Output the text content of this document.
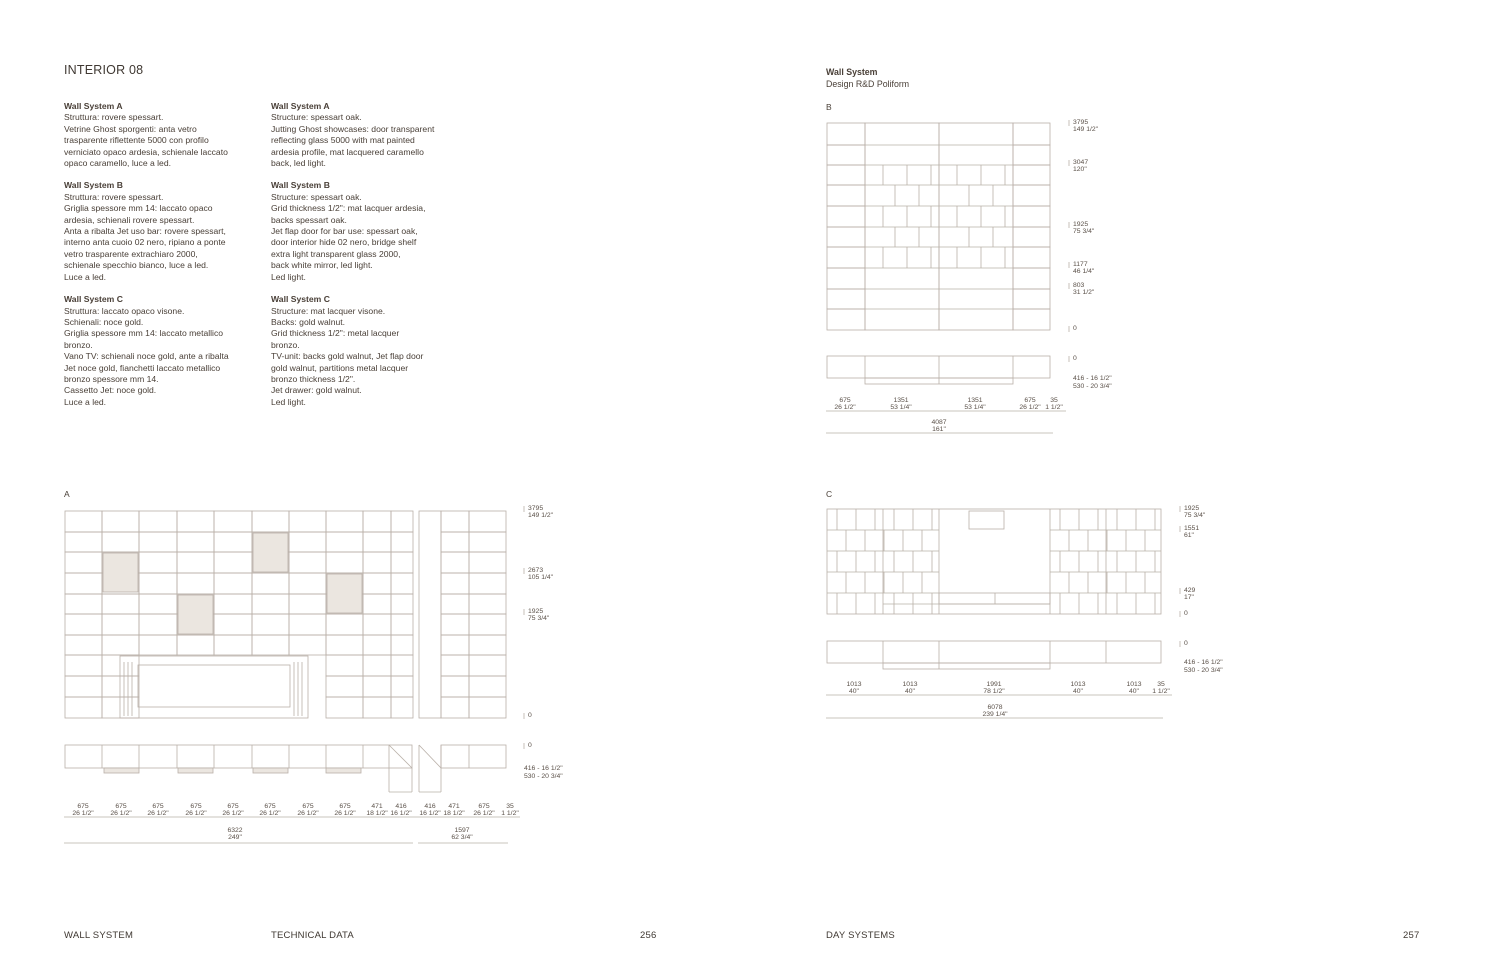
INTERIOR 08
Wall System A
Struttura: rovere spessart.
Vetrine Ghost sporgenti: anta vetro
trasparente riflettente 5000 con profilo
verniciato opaco ardesia, schienale laccato
opaco caramello, luce a led.
Wall System B
Struttura: rovere spessart.
Griglia spessore mm 14: laccato opaco
ardesia, schienali rovere spessart.
Anta a ribalta Jet uso bar: rovere spessart,
interno anta cuoio 02 nero, ripiano a ponte
vetro trasparente extrachiaro 2000,
schienale specchio bianco, luce a led.
Luce a led.
Wall System C
Struttura: laccato opaco visone.
Schienali: noce gold.
Griglia spessore mm 14: laccato metallico
bronzo.
Vano TV: schienali noce gold, ante a ribalta
Jet noce gold, fianchetti laccato metallico
bronzo spessore mm 14.
Cassetto Jet: noce gold.
Luce a led.
Wall System A
Structure: spessart oak.
Jutting Ghost showcases: door transparent
reflecting glass 5000 with mat painted
ardesia profile, mat lacquered caramello
back, led light.
Wall System B
Structure: spessart oak.
Grid thickness 1/2": mat lacquer ardesia,
backs spessart oak.
Jet flap door for bar use: spessart oak,
door interior hide 02 nero, bridge shelf
extra light transparent glass 2000,
back white mirror, led light.
Led light.
Wall System C
Structure: mat lacquer visone.
Backs: gold walnut.
Grid thickness 1/2": metal lacquer
bronzo.
TV-unit: backs gold walnut, Jet flap door
gold walnut, partitions metal lacquer
bronzo thickness 1/2".
Jet drawer: gold walnut.
Led light.
Wall System
Design R&D Poliform
A
B
C
3795
149 1/2"
2673
105 1/4"
1925
75 3/4"
0
0
416 - 16 1/2"
530 - 20 3/4"
675
26 1/2"
675
26 1/2"
675
26 1/2"
675
26 1/2"
675
26 1/2"
675
26 1/2"
675
26 1/2"
675
26 1/2"
471
18 1/2"
416
16 1/2"
416
16 1/2"
471
18 1/2"
675
26 1/2"
35
1 1/2"
6322
249"
1597
62 3/4"
3795
149 1/2"
3047
120"
1925
75 3/4"
1177
46 1/4"
803
31 1/2"
0
0
416 - 16 1/2"
530 - 20 3/4"
675
26 1/2"
1351
53 1/4"
1351
53 1/4"
675
26 1/2"
35
1 1/2"
4087
161"
1925
75 3/4"
1551
61"
429
17"
0
0
416 - 16 1/2"
530 - 20 3/4"
1013
40"
1013
40"
1991
78 1/2"
1013
40"
1013
40"
35
1 1/2"
6078
239 1/4"
WALL SYSTEM	TECHNICAL DATA	256	DAY SYSTEMS	257
